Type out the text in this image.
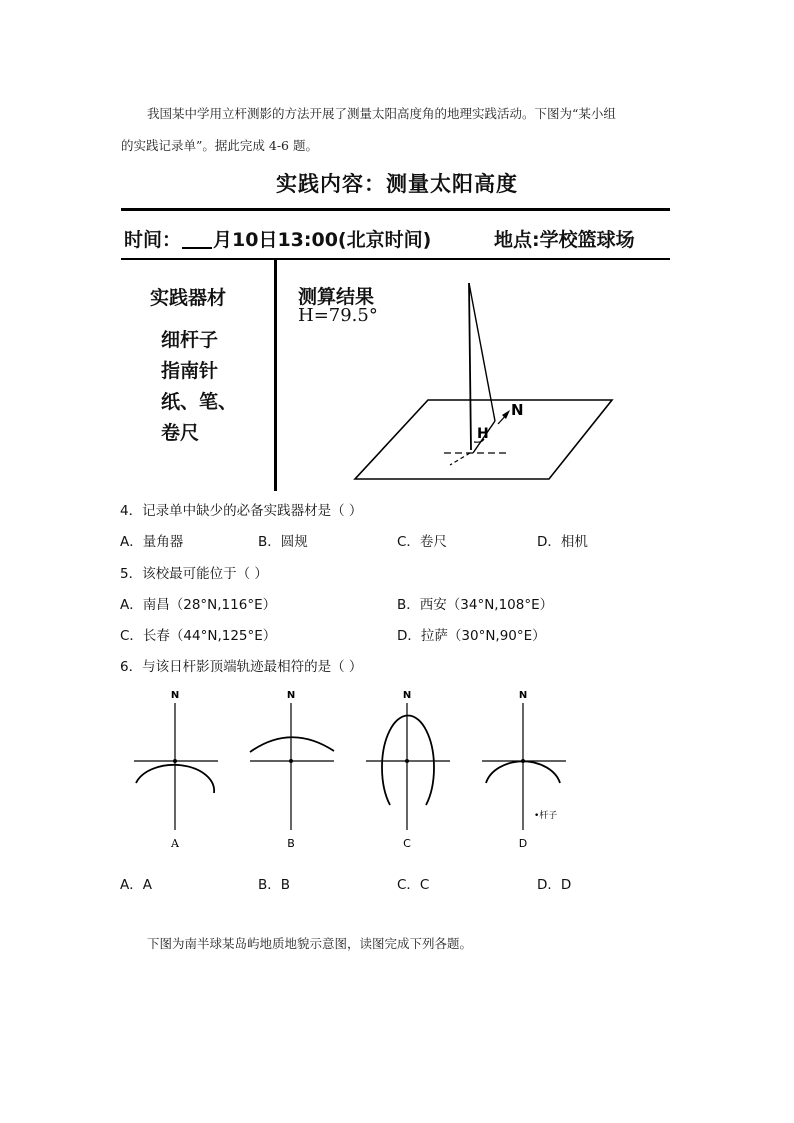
我国某中学用立杆测影的方法开展了测量太阳高度角的地理实践活动。下图为“某小组
的实践记录单”。据此完成 4-6 题。
实践内容：测量太阳高度
时间： 月10日13:00(北京时间)	地点:学校篮球场
实践器材
细杆子
指南针
纸、笔、
卷尺
测算结果
H=79.5°
N
H
4．记录单中缺少的必备实践器材是（ ）
A．量角器	B．圆规	C．卷尺	D．相机
5．该校最可能位于（ ）
A．南昌（28°N,116°E）	B．西安（34°N,108°E）
C．长春（44°N,125°E）	D．拉萨（30°N,90°E）
6．与该日杆影顶端轨迹最相符的是（ ）
N
A
N
B
N
C
N
•杆子
D
A．A	B．B	C．C	D．D
下图为南半球某岛屿地质地貌示意图，读图完成下列各题。
